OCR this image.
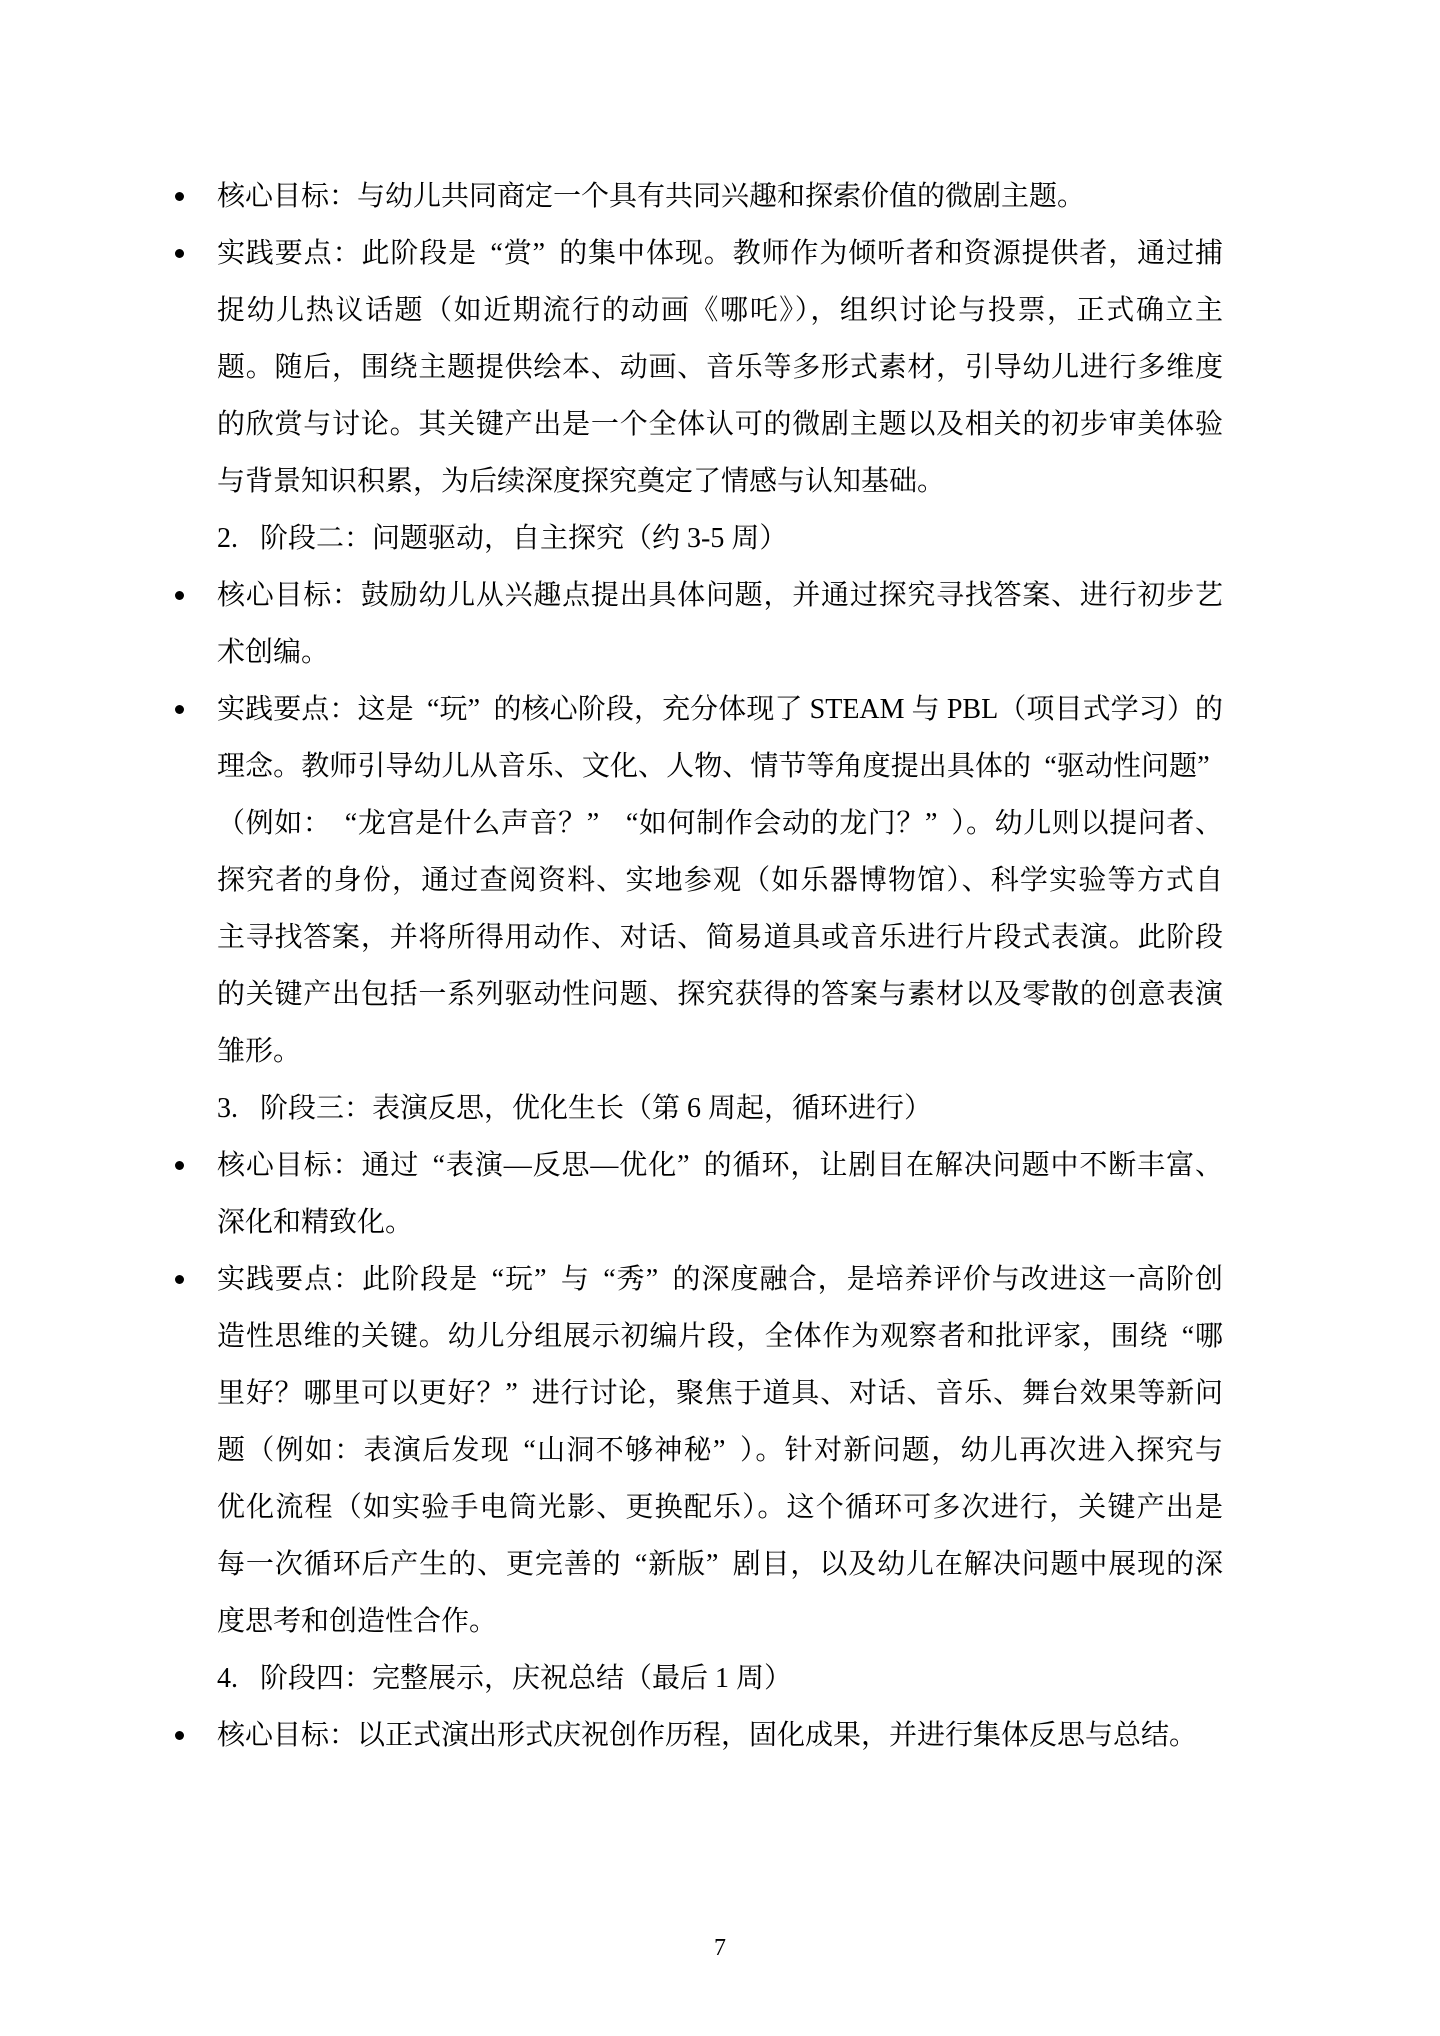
核心目标：与幼儿共同商定一个具有共同兴趣和探索价值的微剧主题。
实践要点：此阶段是 “赏” 的集中体现。教师作为倾听者和资源提供者，通过捕
捉幼儿热议话题（如近期流行的动画《哪吒》），组织讨论与投票，正式确立主
题。随后，围绕主题提供绘本、动画、音乐等多形式素材，引导幼儿进行多维度
的欣赏与讨论。其关键产出是一个全体认可的微剧主题以及相关的初步审美体验
与背景知识积累，为后续深度探究奠定了情感与认知基础。
2. 阶段二：问题驱动，自主探究（约 3-5 周）
核心目标：鼓励幼儿从兴趣点提出具体问题，并通过探究寻找答案、进行初步艺
术创编。
实践要点：这是 “玩” 的核心阶段，充分体现了 STEAM 与 PBL（项目式学习）的
理念。教师引导幼儿从音乐、文化、人物、情节等角度提出具体的 “驱动性问题”
（例如： “龙宫是什么声音？” “如何制作会动的龙门？” ）。幼儿则以提问者、
探究者的身份，通过查阅资料、实地参观（如乐器博物馆）、科学实验等方式自
主寻找答案，并将所得用动作、对话、简易道具或音乐进行片段式表演。此阶段
的关键产出包括一系列驱动性问题、探究获得的答案与素材以及零散的创意表演
雏形。
3. 阶段三：表演反思，优化生长（第 6 周起，循环进行）
核心目标：通过 “表演—反思—优化” 的循环，让剧目在解决问题中不断丰富、
深化和精致化。
实践要点：此阶段是 “玩” 与 “秀” 的深度融合，是培养评价与改进这一高阶创
造性思维的关键。幼儿分组展示初编片段，全体作为观察者和批评家，围绕 “哪
里好？哪里可以更好？” 进行讨论，聚焦于道具、对话、音乐、舞台效果等新问
题（例如：表演后发现 “山洞不够神秘” ）。针对新问题，幼儿再次进入探究与
优化流程（如实验手电筒光影、更换配乐）。这个循环可多次进行，关键产出是
每一次循环后产生的、更完善的 “新版” 剧目，以及幼儿在解决问题中展现的深
度思考和创造性合作。
4. 阶段四：完整展示，庆祝总结（最后 1 周）
核心目标：以正式演出形式庆祝创作历程，固化成果，并进行集体反思与总结。
7
